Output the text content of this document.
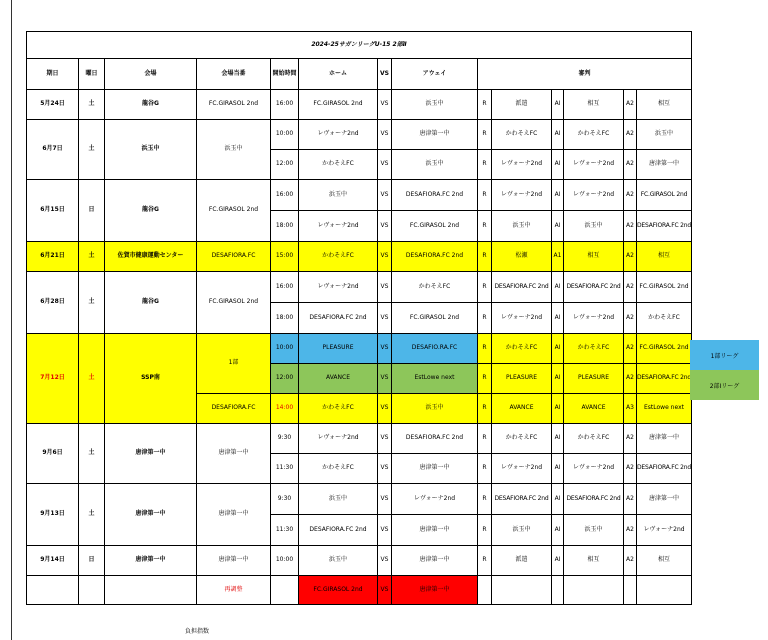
2024-25サガンリーグU-15 2部Ⅱ													
期日	曜日	会場	会場当番	開始時間	ホーム	VS	アウェイ	審判					
5月24日	土	龍谷G	FC.GIRASOL 2nd	16:00	FC.GIRASOL 2nd	VS	浜玉中	R	派遣	AI	相互	A2	相互
6月7日	土	浜玉中	浜玉中	10:00	レヴォーナ2nd	VS	唐津第一中	R	かわそえFC	AI	かわそえFC	A2	浜玉中
				12:00	かわそえFC	VS	浜玉中	R	レヴォーナ2nd	AI	レヴォーナ2nd	A2	唐津第一中
6月15日	日	龍谷G	FC.GIRASOL 2nd	16:00	浜玉中	VS	DESAFIORA.FC 2nd	R	レヴォーナ2nd	AI	レヴォーナ2nd	A2	FC.GIRASOL 2nd
				18:00	レヴォーナ2nd	VS	FC.GIRASOL 2nd	R	浜玉中	AI	浜玉中	A2	DESAFIORA.FC 2nd
6月21日	土	佐賀市健康運動センター	DESAFIORA.FC	15:00	かわそえFC	VS	DESAFIORA.FC 2nd	R	松瀬	A1	相互	A2	相互
6月28日	土	龍谷G	FC.GIRASOL 2nd	16:00	レヴォーナ2nd	VS	かわそえFC	R	DESAFIORA.FC 2nd	AI	DESAFIORA.FC 2nd	A2	FC.GIRASOL 2nd
				18:00	DESAFIORA.FC 2nd	VS	FC.GIRASOL 2nd	R	レヴォーナ2nd	AI	レヴォーナ2nd	A2	かわそえFC
7月12日	土	SSP南	1部	10:00	PLEASURE	VS	DESAFIO.RA.FC	R	かわそえFC	AI	かわそえFC	A2	FC.GIRASOL 2nd
				12:00	AVANCE	VS	EstLowe next	R	PLEASURE	AI	PLEASURE	A2	DESAFIORA.FC 2nd
			DESAFIORA.FC	14:00	かわそえFC	VS	浜玉中	R	AVANCE	AI	AVANCE	A3	EstLowe next
9月6日	土	唐津第一中	唐津第一中	9:30	レヴォーナ2nd	VS	DESAFIORA.FC 2nd	R	かわそえFC	AI	かわそえFC	A2	唐津第一中
				11:30	かわそえFC	VS	唐津第一中	R	レヴォーナ2nd	AI	レヴォーナ2nd	A2	DESAFIORA.FC 2nd
9月13日	土	唐津第一中	唐津第一中	9:30	浜玉中	VS	レヴォーナ2nd	R	DESAFIORA.FC 2nd	AI	DESAFIORA.FC 2nd	A2	唐津第一中
				11:30	DESAFIORA.FC 2nd	VS	唐津第一中	R	浜玉中	AI	浜玉中	A2	レヴォーナ2nd
9月14日	日	唐津第一中	唐津第一中	10:00	浜玉中	VS	唐津第一中	R	派遣	AI	相互	A2	相互
			再調整		FC.GIRASOL 2nd	VS	唐津第一中						
1部リーグ
2部Ⅰリーグ
負担指数
